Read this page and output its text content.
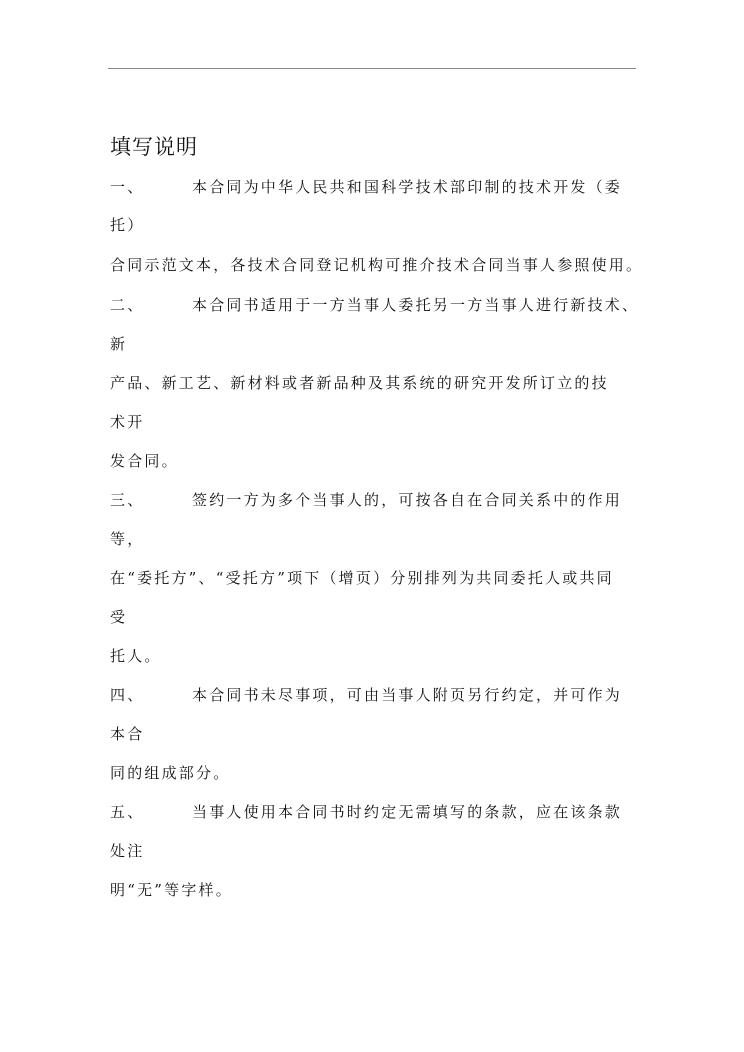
填写说明
一、	本合同为中华人民共和国科学技术部印制的技术开发（委
托）
合同示范文本，各技术合同登记机构可推介技术合同当事人参照使用。
二、	本合同书适用于一方当事人委托另一方当事人进行新技术、
新
产品、新工艺、新材料或者新品种及其系统的研究开发所订立的技
术开
发合同。
三、	签约一方为多个当事人的，可按各自在合同关系中的作用
等，
在“委托方”、“受托方”项下（增页）分别排列为共同委托人或共同
受
托人。
四、	本合同书未尽事项，可由当事人附页另行约定，并可作为
本合
同的组成部分。
五、	当事人使用本合同书时约定无需填写的条款，应在该条款
处注
明“无”等字样。
